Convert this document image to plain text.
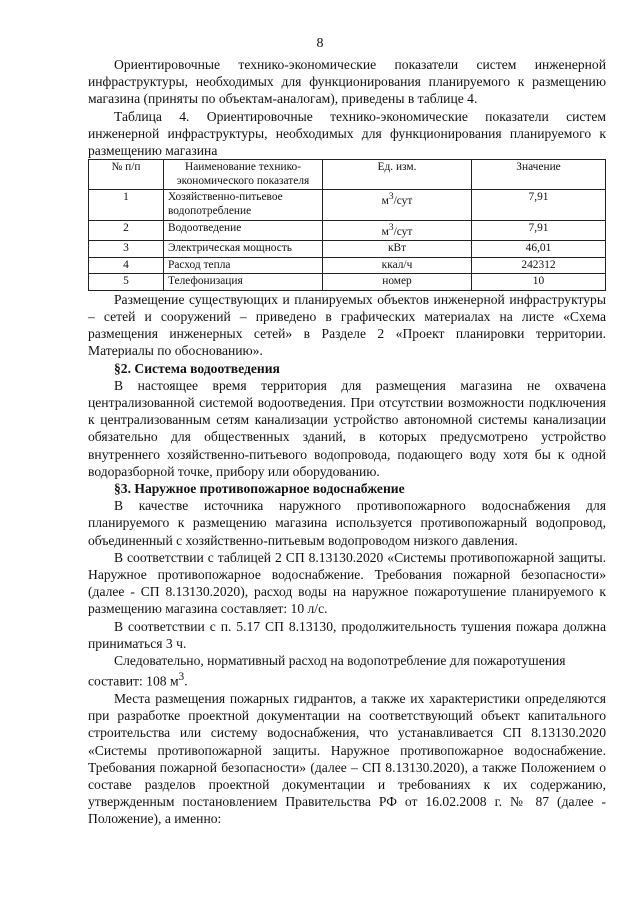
8

Ориентировочные технико-экономические показатели систем инженерной инфраструктуры, необходимых для функционирования планируемого к размещению магазина (приняты по объектам-аналогам), приведены в таблице 4.

Таблица 4. Ориентировочные технико-экономические показатели систем инженерной инфраструктуры, необходимых для функционирования планируемого к размещению магазина

№ п/п	Наименование технико-экономического показателя	Ед. изм.	Значение
1	Хозяйственно-питьевое водопотребление	$м^3$/сут	7,91
2	Водоотведение	$м^3$/сут	7,91
3	Электрическая мощность	кВт	46,01
4	Расход тепла	ккал/ч	242312
5	Телефонизация	номер	10

Размещение существующих и планируемых объектов инженерной инфраструктуры – сетей и сооружений – приведено в графических материалах на листе «Схема размещения инженерных сетей» в Разделе 2 «Проект планировки территории. Материалы по обоснованию».

§2. Система водоотведения

В настоящее время территория для размещения магазина не охвачена централизованной системой водоотведения. При отсутствии возможности подключения к централизованным сетям канализации устройство автономной системы канализации обязательно для общественных зданий, в которых предусмотрено устройство внутреннего хозяйственно-питьевого водопровода, подающего воду хотя бы к одной водоразборной точке, прибору или оборудованию.

§3. Наружное противопожарное водоснабжение

В качестве источника наружного противопожарного водоснабжения для планируемого к размещению магазина используется противопожарный водопровод, объединенный с хозяйственно-питьевым водопроводом низкого давления.

В соответствии с таблицей 2 СП 8.13130.2020 «Системы противопожарной защиты. Наружное противопожарное водоснабжение. Требования пожарной безопасности» (далее - СП 8.13130.2020), расход воды на наружное пожаротушение планируемого к размещению магазина составляет: 10 л/с.

В соответствии с п. 5.17 СП 8.13130, продолжительность тушения пожара должна приниматься 3 ч.

Следовательно, нормативный расход на водопотребление для пожаротушения составит: 108 $м^3$.

Места размещения пожарных гидрантов, а также их характеристики определяются при разработке проектной документации на соответствующий объект капитального строительства или систему водоснабжения, что устанавливается СП 8.13130.2020 «Системы противопожарной защиты. Наружное противопожарное водоснабжение. Требования пожарной безопасности» (далее – СП 8.13130.2020), а также Положением о составе разделов проектной документации и требованиях к их содержанию, утвержденным постановлением Правительства РФ от 16.02.2008 г. № 87 (далее - Положение), а именно:
